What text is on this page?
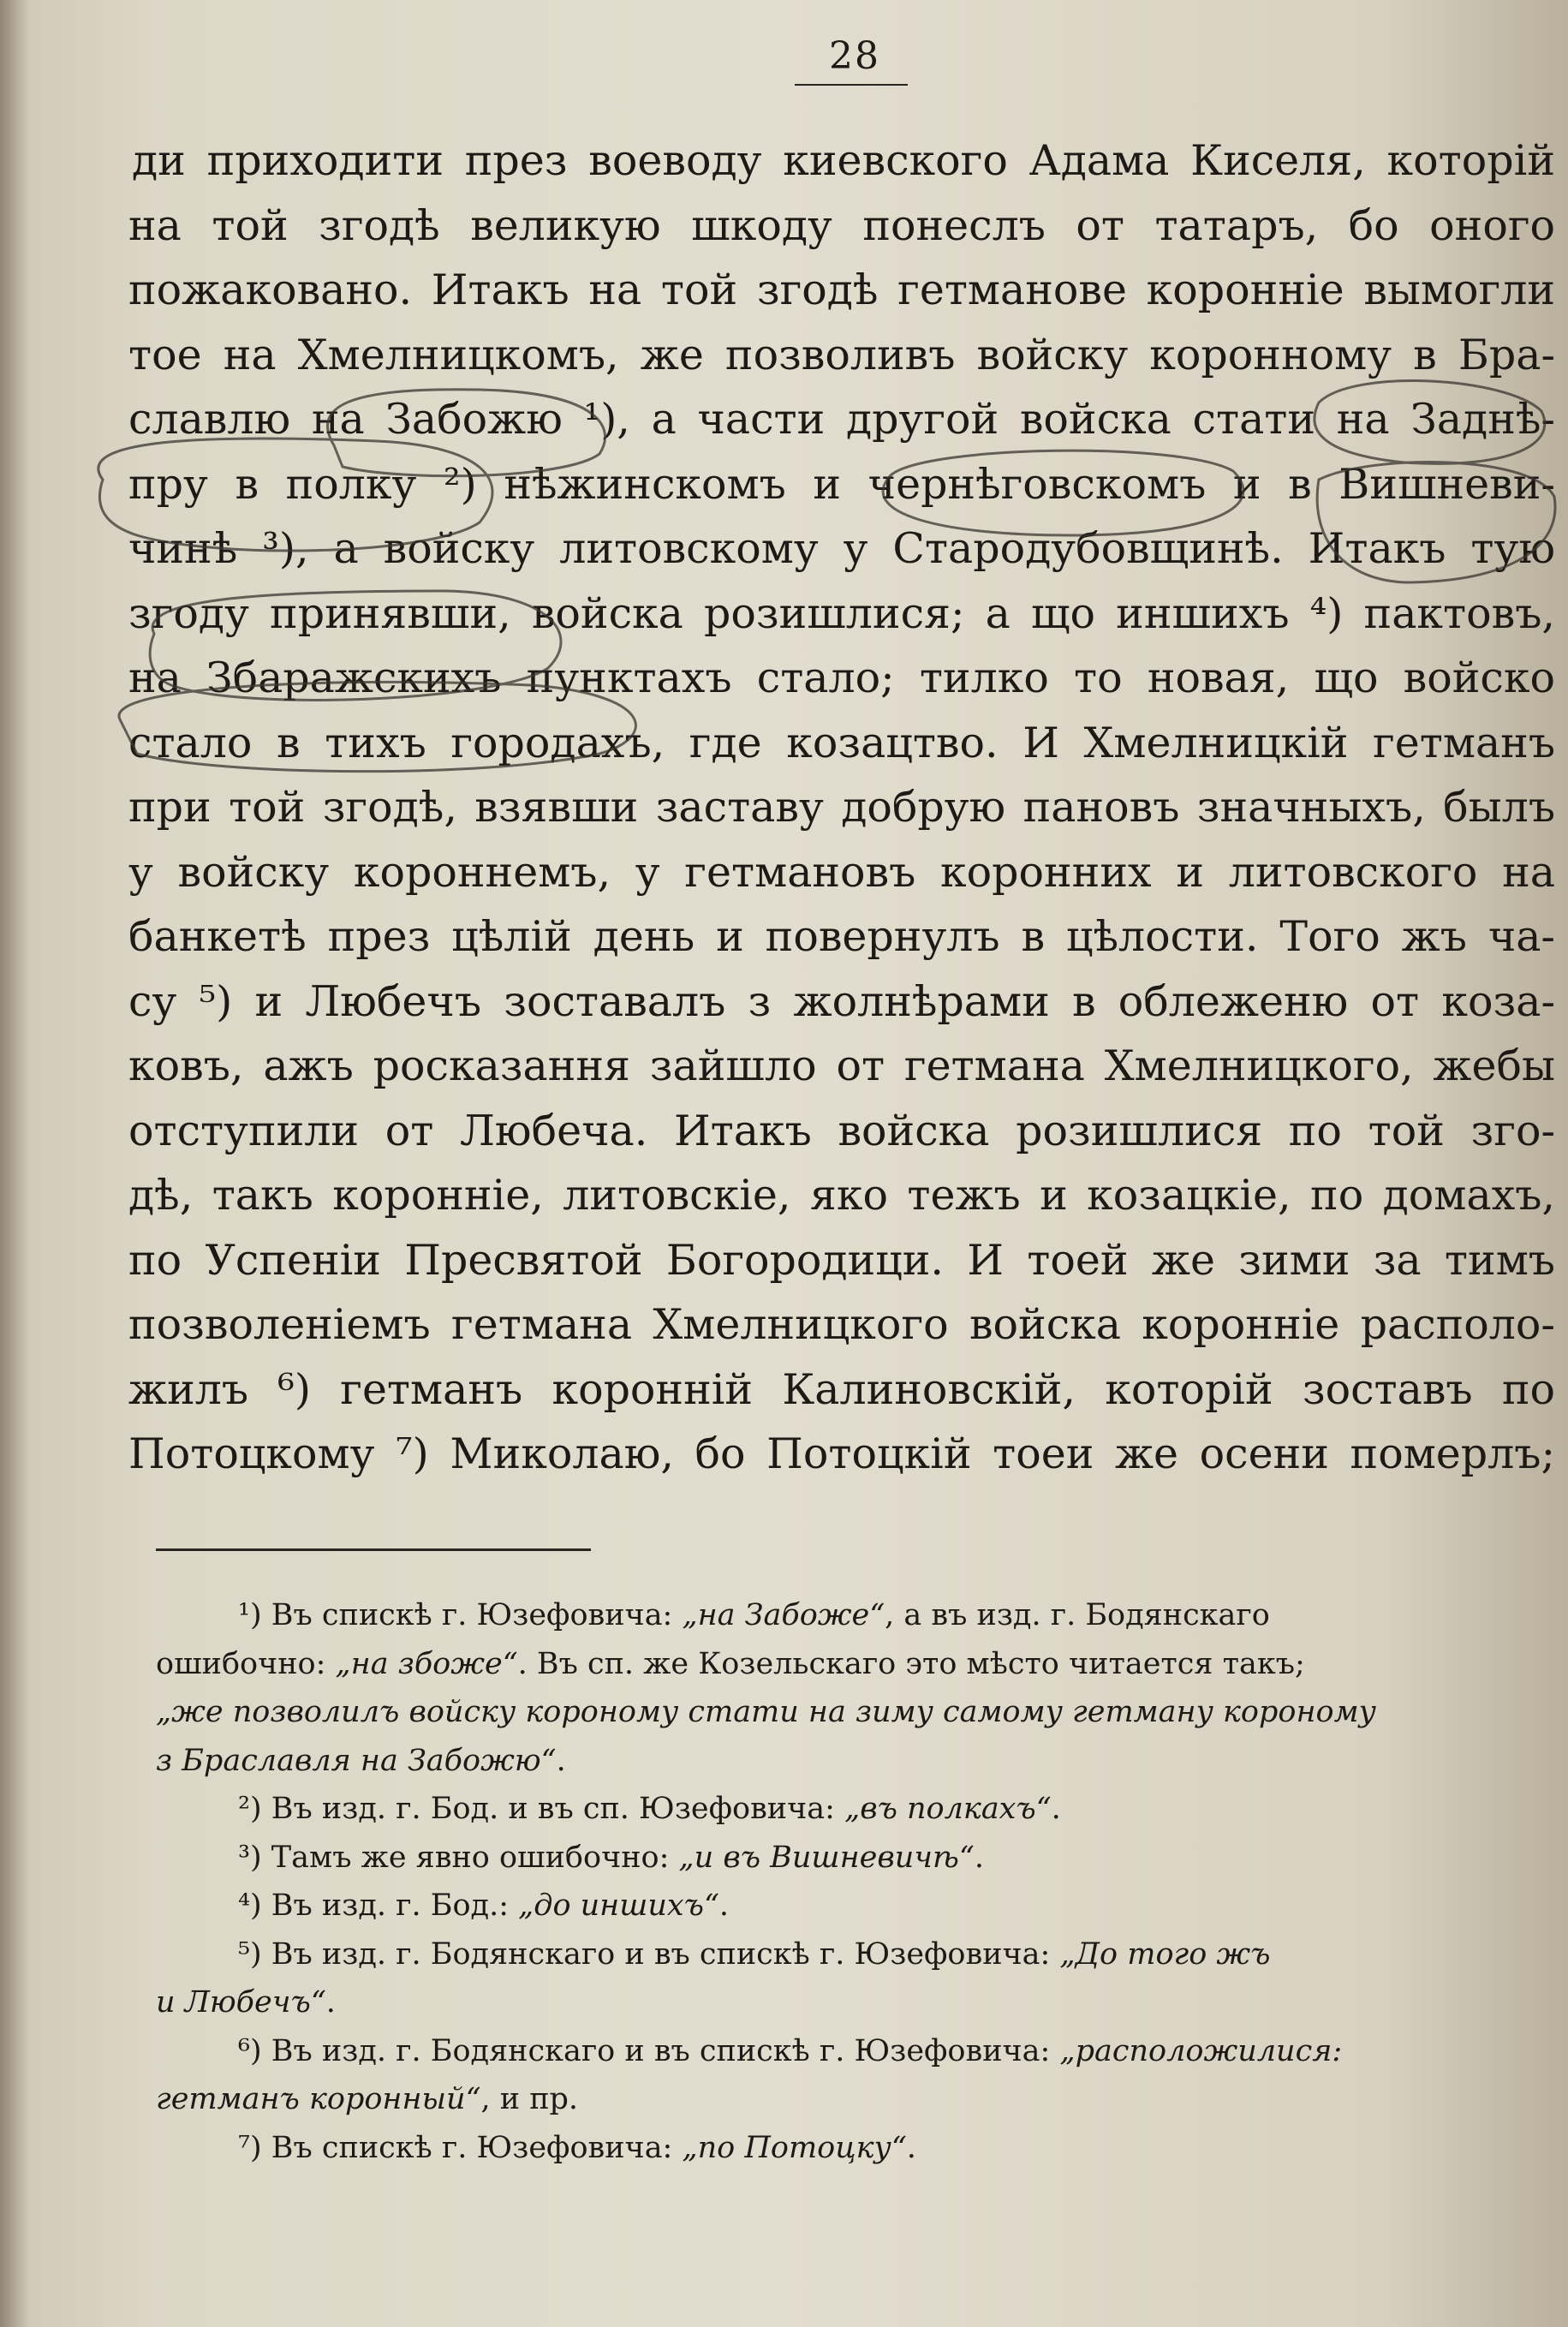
28
ди приходити през воеводу киевского Адама Киселя, которій
на той згодѣ великую шкоду понеслъ от татаръ, бо оного
пожаковано. Итакъ на той згодѣ гетманове коронніе вымогли
тое на Хмелницкомъ, же позволивъ войску коронному в Бра-
славлю на Забожю ¹), а части другой войска стати на Заднѣ-
пру в полку ²) нѣжинскомъ и чернѣговскомъ и в Вишневи-
чинѣ ³), а войску литовскому у Стародубовщинѣ. Итакъ тую
згоду принявши, войска розишлися; а що иншихъ ⁴) пактовъ,
на Збаражскихъ пунктахъ стало; тилко то новая, що войско
стало в тихъ городахъ, где козацтво. И Хмелницкій гетманъ
при той згодѣ, взявши заставу добрую пановъ значныхъ, былъ
у войску короннемъ, у гетмановъ коронних и литовского на
банкетѣ през цѣлій день и повернулъ в цѣлости. Того жъ ча-
су ⁵) и Любечъ зоставалъ з жолнѣрами в облеженю от коза-
ковъ, ажъ росказання зайшло от гетмана Хмелницкого, жебы
отступили от Любеча. Итакъ войска розишлися по той зго-
дѣ, такъ коронніе, литовскіе, яко тежъ и козацкіе, по домахъ,
по Успеніи Пресвятой Богородици. И тоей же зими за тимъ
позволеніемъ гетмана Хмелницкого войска коронніе располо-
жилъ ⁶) гетманъ коронній Калиновскій, которій зоставъ по
Потоцкому ⁷) Миколаю, бо Потоцкій тоеи же осени померлъ;
¹) Въ спискѣ г. Юзефовича: „на Забоже“, а въ изд. г. Бодянскаго
ошибочно: „на збоже“. Въ сп. же Козельскаго это мѣсто читается такъ;
„же позволилъ войску короному стати на зиму самому гетману короному
з Браславля на Забожю“.
²) Въ изд. г. Бод. и въ сп. Юзефовича: „въ полкахъ“.
³) Тамъ же явно ошибочно: „и въ Вишневичѣ“.
⁴) Въ изд. г. Бод.: „до иншихъ“.
⁵) Въ изд. г. Бодянскаго и въ спискѣ г. Юзефовича: „До того жъ
и Любечъ“.
⁶) Въ изд. г. Бодянскаго и въ спискѣ г. Юзефовича: „расположилися:
гетманъ коронный“, и пр.
⁷) Въ спискѣ г. Юзефовича: „по Потоцку“.
